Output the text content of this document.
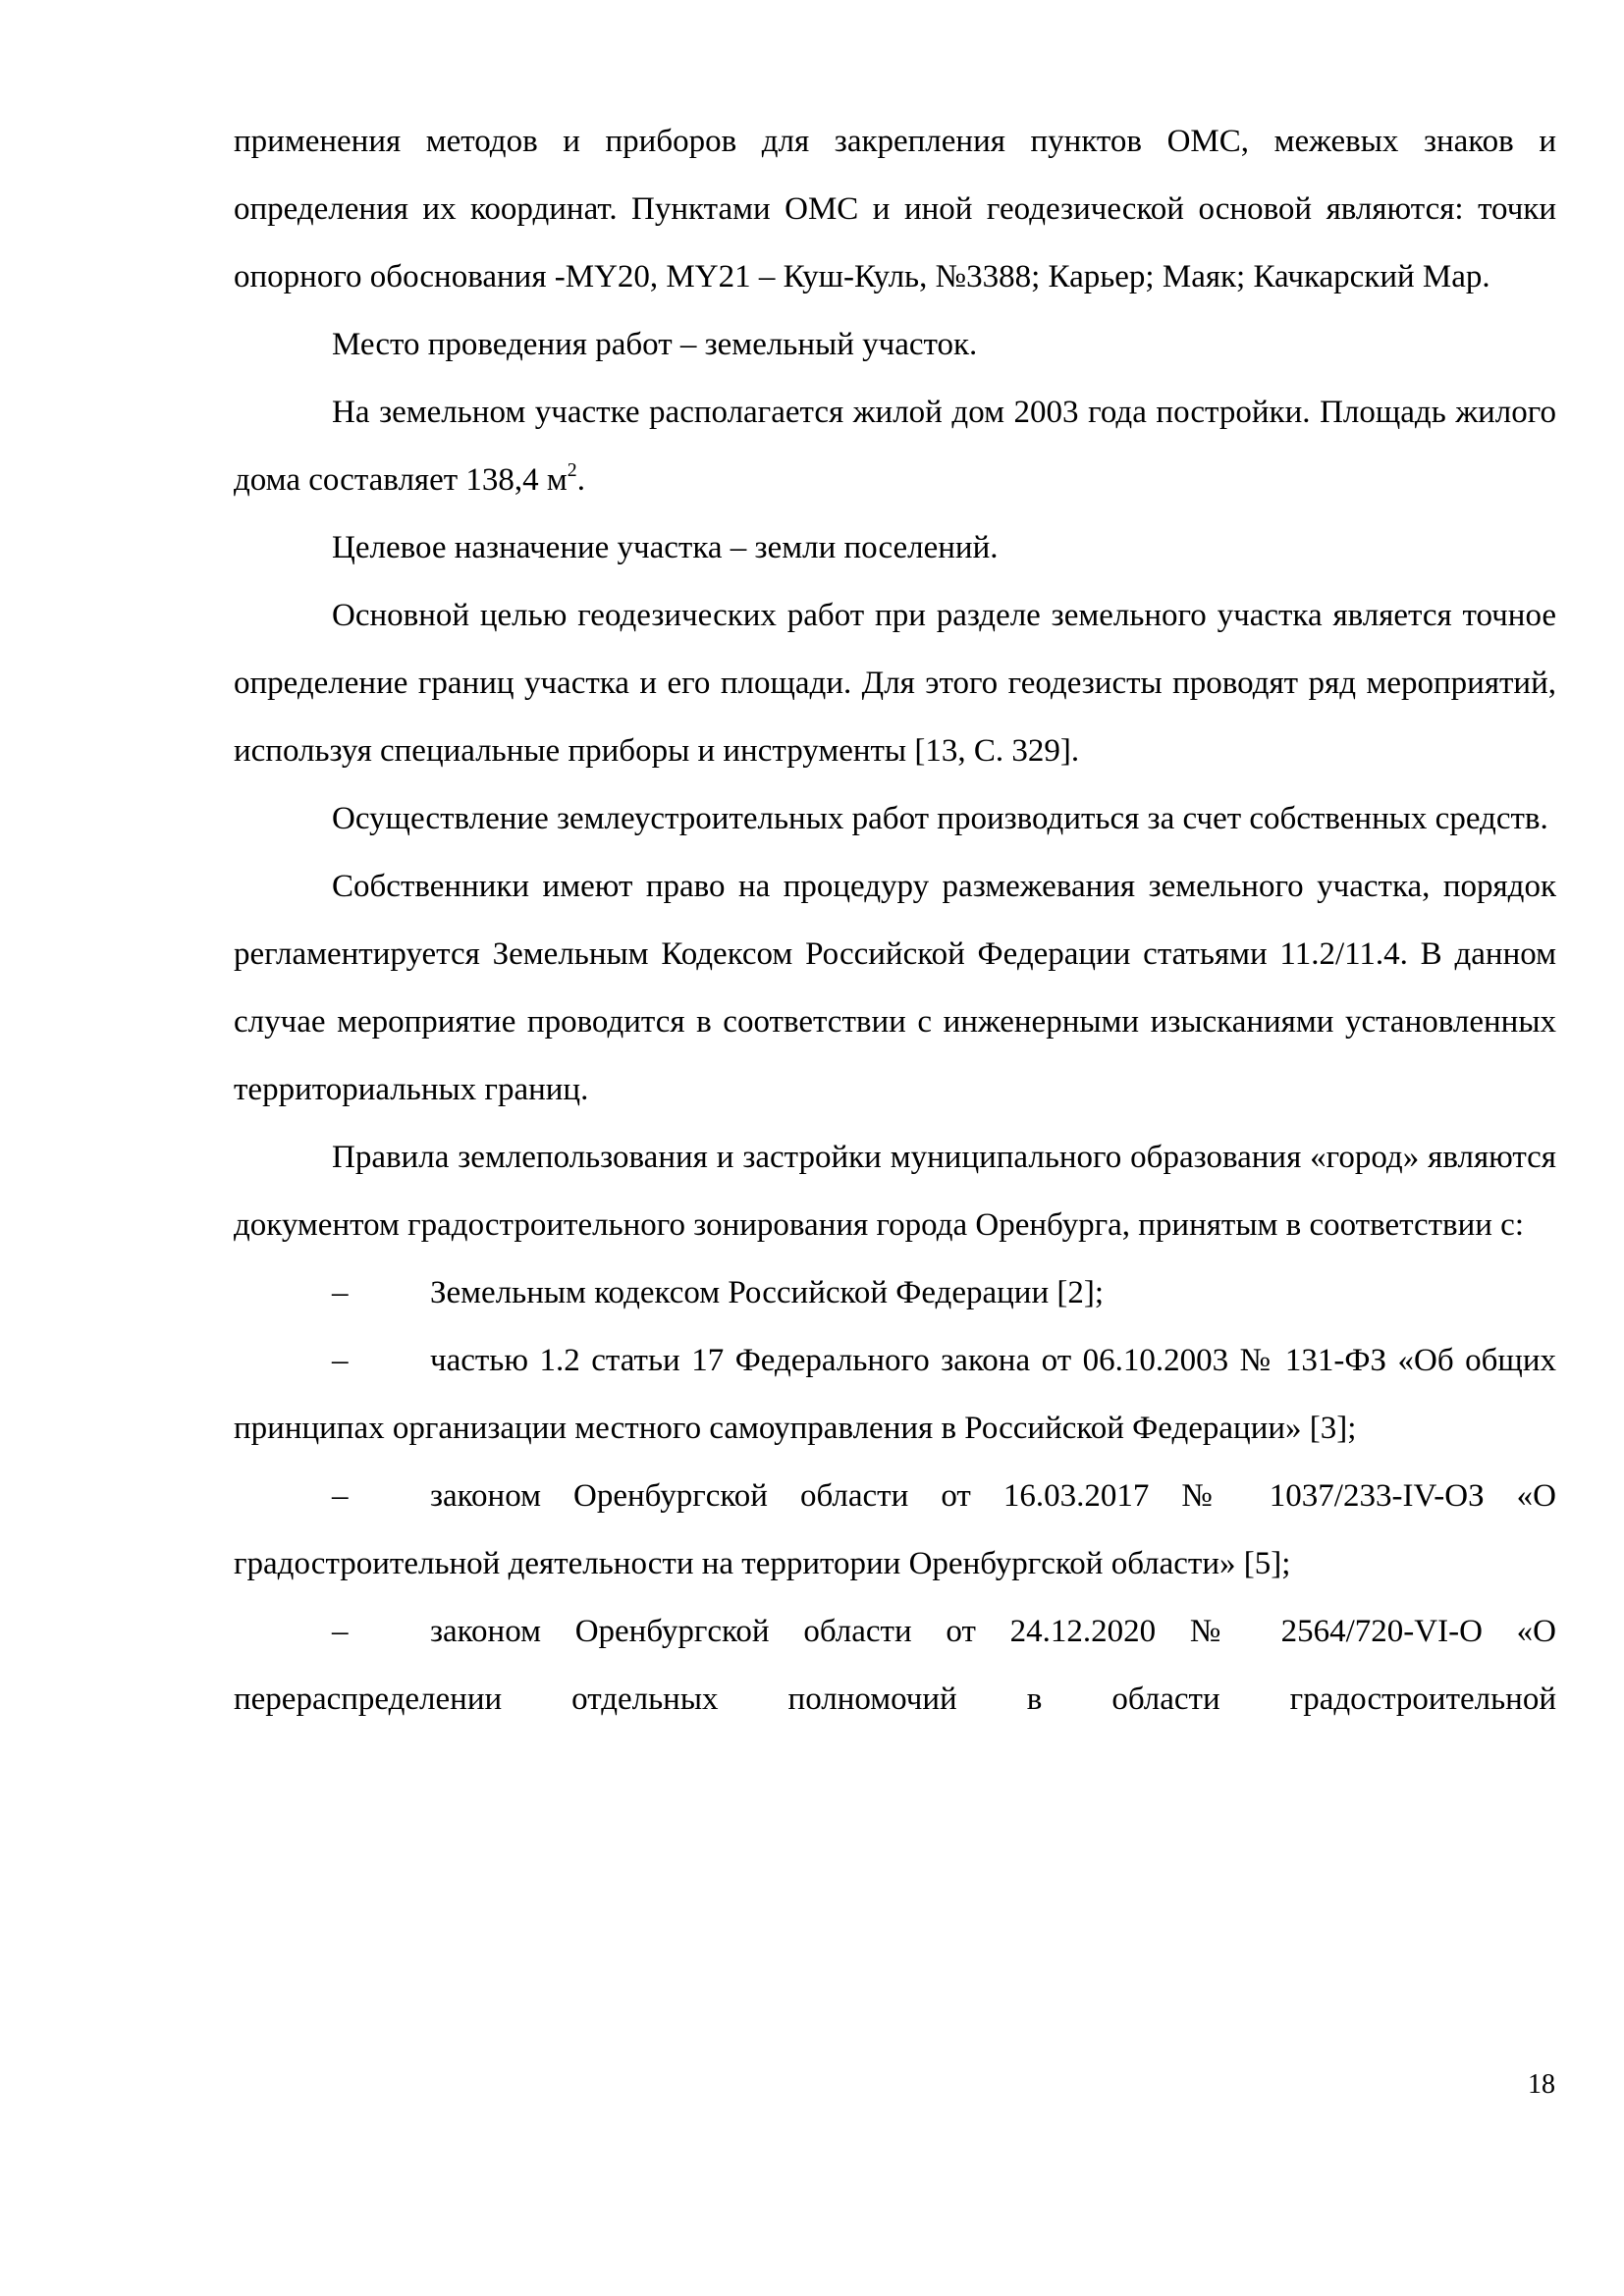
применения методов и приборов для закрепления пунктов ОМС, межевых знаков и определения их координат. Пунктами ОМС и иной геодезической основой являются: точки опорного обоснования -MY20, MY21 – Куш-Куль, №3388; Карьер; Маяк; Качкарский Мар.

Место проведения работ – земельный участок.

На земельном участке располагается жилой дом 2003 года постройки. Площадь жилого дома составляет 138,4 $м^2$.

Целевое назначение участка – земли поселений.

Основной целью геодезических работ при разделе земельного участка является точное определение границ участка и его площади. Для этого геодезисты проводят ряд мероприятий, используя специальные приборы и инструменты [13, С. 329].

Осуществление землеустроительных работ производиться за счет собственных средств.

Собственники имеют право на процедуру размежевания земельного участка, порядок регламентируется Земельным Кодексом Российской Федерации статьями 11.2/11.4. В данном случае мероприятие проводится в соответствии с инженерными изысканиями установленных территориальных границ.

Правила землепользования и застройки муниципального образования «город» являются документом градостроительного зонирования города Оренбурга, принятым в соответствии с:

–	Земельным кодексом Российской Федерации [2];

–	частью 1.2 статьи 17 Федерального закона от 06.10.2003 № 131-ФЗ «Об общих принципах организации местного самоуправления в Российской Федерации» [3];

–	законом Оренбургской области от 16.03.2017 № 1037/233-IV-ОЗ «О градостроительной деятельности на территории Оренбургской области» [5];

–	законом Оренбургской области от 24.12.2020 № 2564/720-VI-О «О перераспределении отдельных полномочий в области градостроительной

18
